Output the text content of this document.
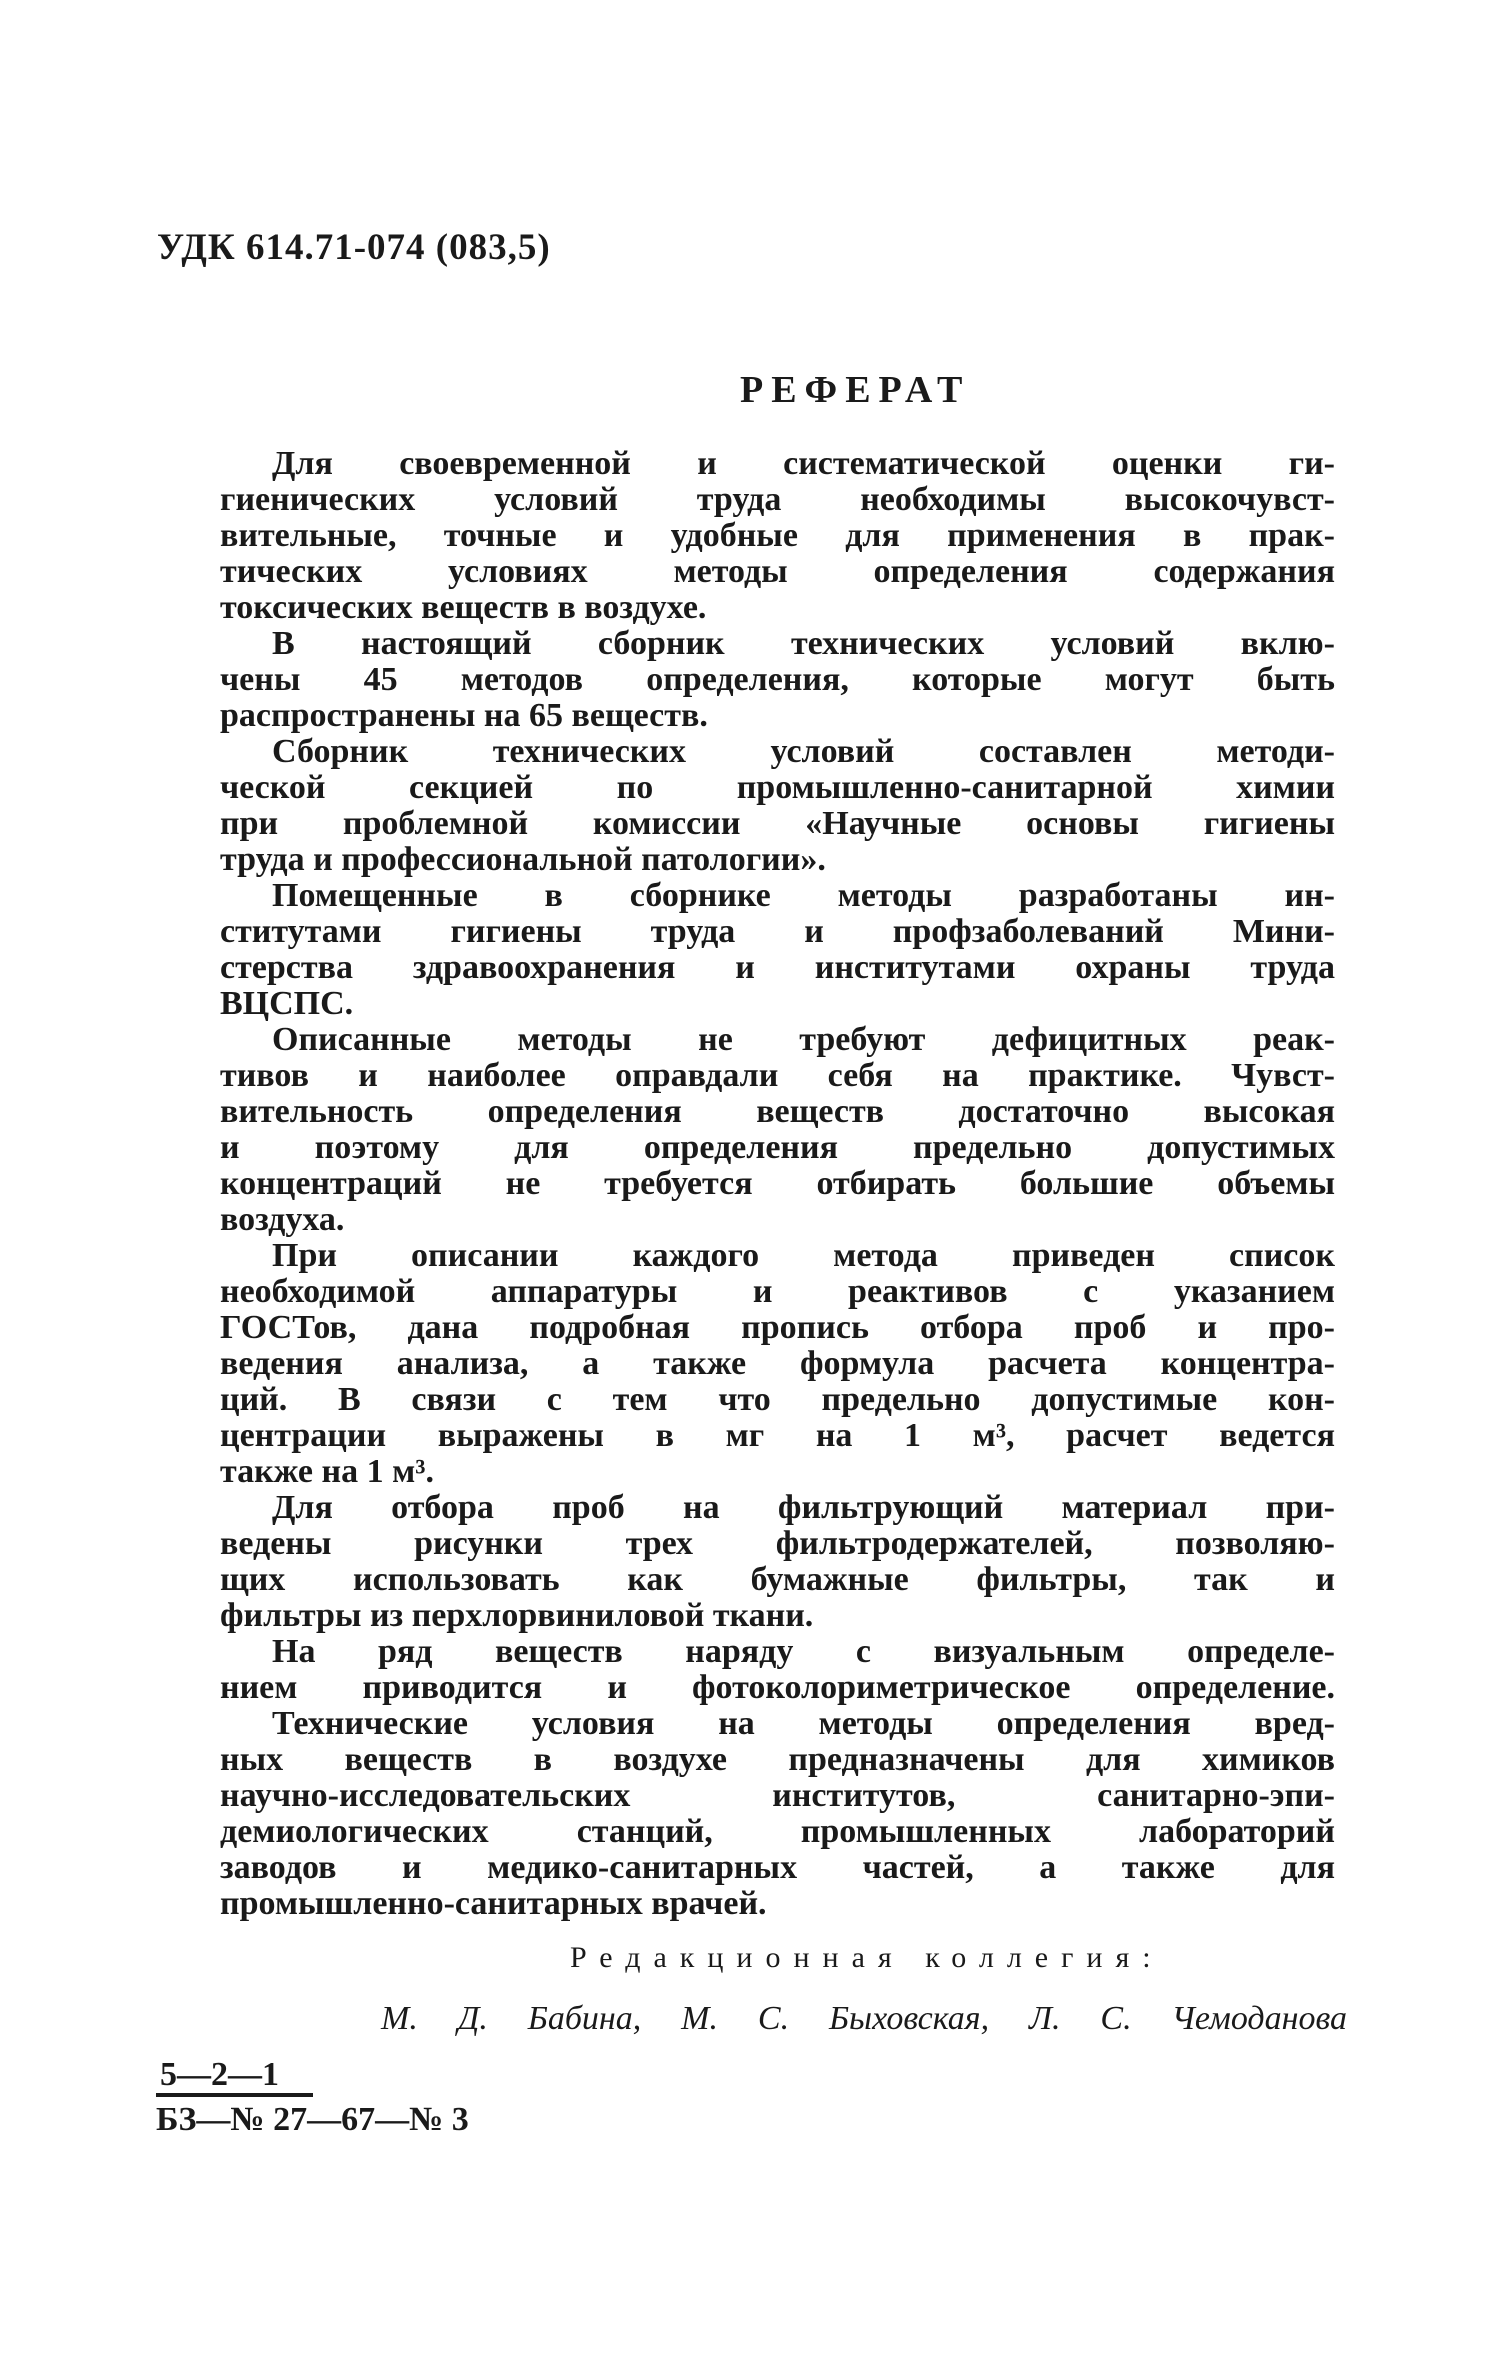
УДК 614.71-074 (083,5)
РЕФЕРАТ
Для своевременной и систематической оценки ги-
гиенических условий труда необходимы высокочувст-
вительные, точные и удобные для применения в прак-
тических условиях методы определения содержания
токсических веществ в воздухе.
В настоящий сборник технических условий вклю-
чены 45 методов определения, которые могут быть
распространены на 65 веществ.
Сборник технических условий составлен методи-
ческой секцией по промышленно-санитарной химии
при проблемной комиссии «Научные основы гигиены
труда и профессиональной патологии».
Помещенные в сборнике методы разработаны ин-
ститутами гигиены труда и профзаболеваний Мини-
стерства здравоохранения и институтами охраны труда
ВЦСПС.
Описанные методы не требуют дефицитных реак-
тивов и наиболее оправдали себя на практике. Чувст-
вительность определения веществ достаточно высокая
и поэтому для определения предельно допустимых
концентраций не требуется отбирать большие объемы
воздуха.
При описании каждого метода приведен список
необходимой аппаратуры и реактивов с указанием
ГОСТов, дана подробная пропись отбора проб и про-
ведения анализа, а также формула расчета концентра-
ций. В связи с тем что предельно допустимые кон-
центрации выражены в мг на 1 м³, расчет ведется
также на 1 м³.
Для отбора проб на фильтрующий материал при-
ведены рисунки трех фильтродержателей, позволяю-
щих использовать как бумажные фильтры, так и
фильтры из перхлорвиниловой ткани.
На ряд веществ наряду с визуальным определе-
нием приводится и фотоколориметрическое определение.
Технические условия на методы определения вред-
ных веществ в воздухе предназначены для химиков
научно-исследовательских институтов, санитарно-эпи-
демиологических станций, промышленных лабораторий
заводов и медико-санитарных частей, а также для
промышленно-санитарных врачей.
Редакционная коллегия:
М. Д. Бабина, М. С. Быховская, Л. С. Чемоданова
5—2—1
БЗ—№ 27—67—№ 3
